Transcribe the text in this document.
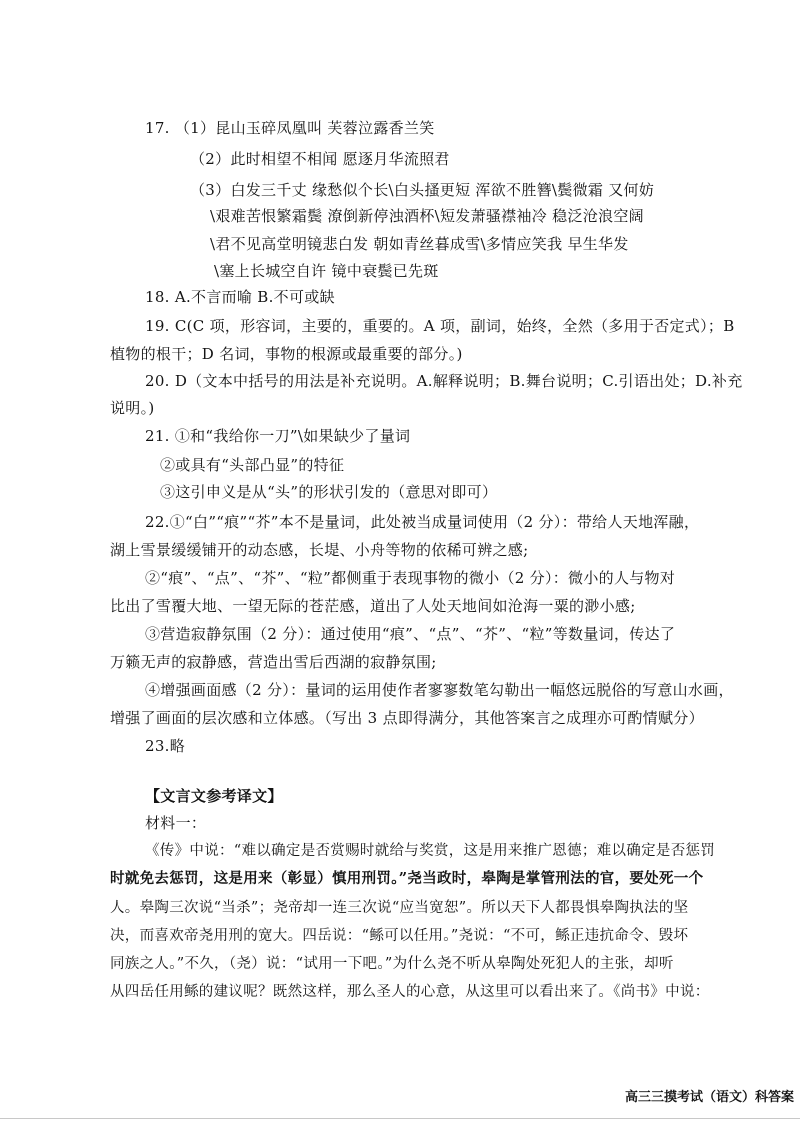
17. （1）昆山玉碎凤凰叫 芙蓉泣露香兰笑
（2）此时相望不相闻 愿逐月华流照君
（3）白发三千丈 缘愁似个长\白头搔更短 浑欲不胜簪\鬓微霜 又何妨
\艰难苦恨繁霜鬓 潦倒新停浊酒杯\短发萧骚襟袖冷 稳泛沧浪空阔
\君不见高堂明镜悲白发 朝如青丝暮成雪\多情应笑我 早生华发
\塞上长城空自许 镜中衰鬓已先斑
18. A.不言而喻 B.不可或缺
19. C(C 项，形容词，主要的，重要的。A 项，副词，始终，全然（多用于否定式）；B
植物的根干；D 名词，事物的根源或最重要的部分。)
20. D（文本中括号的用法是补充说明。A.解释说明；B.舞台说明；C.引语出处；D.补充
说明。)
21. ①和“我给你一刀”\如果缺少了量词
②或具有“头部凸显”的特征
③这引申义是从“头”的形状引发的（意思对即可）
22.①“白”“痕”“芥”本不是量词，此处被当成量词使用（2 分）：带给人天地浑融，
湖上雪景缓缓铺开的动态感，长堤、小舟等物的依稀可辨之感;
②“痕”、“点”、“芥”、“粒”都侧重于表现事物的微小（2 分）：微小的人与物对
比出了雪覆大地、一望无际的苍茫感，道出了人处天地间如沧海一粟的渺小感;
③营造寂静氛围（2 分）：通过使用“痕”、“点”、“芥”、“粒”等数量词，传达了
万籁无声的寂静感，营造出雪后西湖的寂静氛围;
④增强画面感（2 分）：量词的运用使作者寥寥数笔勾勒出一幅悠远脱俗的写意山水画，
增强了画面的层次感和立体感。（写出 3 点即得满分，其他答案言之成理亦可酌情赋分）
23.略
【文言文参考译文】
材料一：
《传》中说：“难以确定是否赏赐时就给与奖赏，这是用来推广恩德；难以确定是否惩罚
时就免去惩罚，这是用来（彰显）慎用刑罚。”尧当政时，皋陶是掌管刑法的官，要处死一个
人。皋陶三次说“当杀”；尧帝却一连三次说“应当宽恕”。所以天下人都畏惧皋陶执法的坚
决，而喜欢帝尧用刑的宽大。四岳说：“鲧可以任用。”尧说：“不可，鲧正违抗命令、毁坏
同族之人。”不久，（尧）说：“试用一下吧。”为什么尧不听从皋陶处死犯人的主张，却听
从四岳任用鲧的建议呢？既然这样，那么圣人的心意，从这里可以看出来了。《尚书》中说：
高三三摸考试（语文）科答案
